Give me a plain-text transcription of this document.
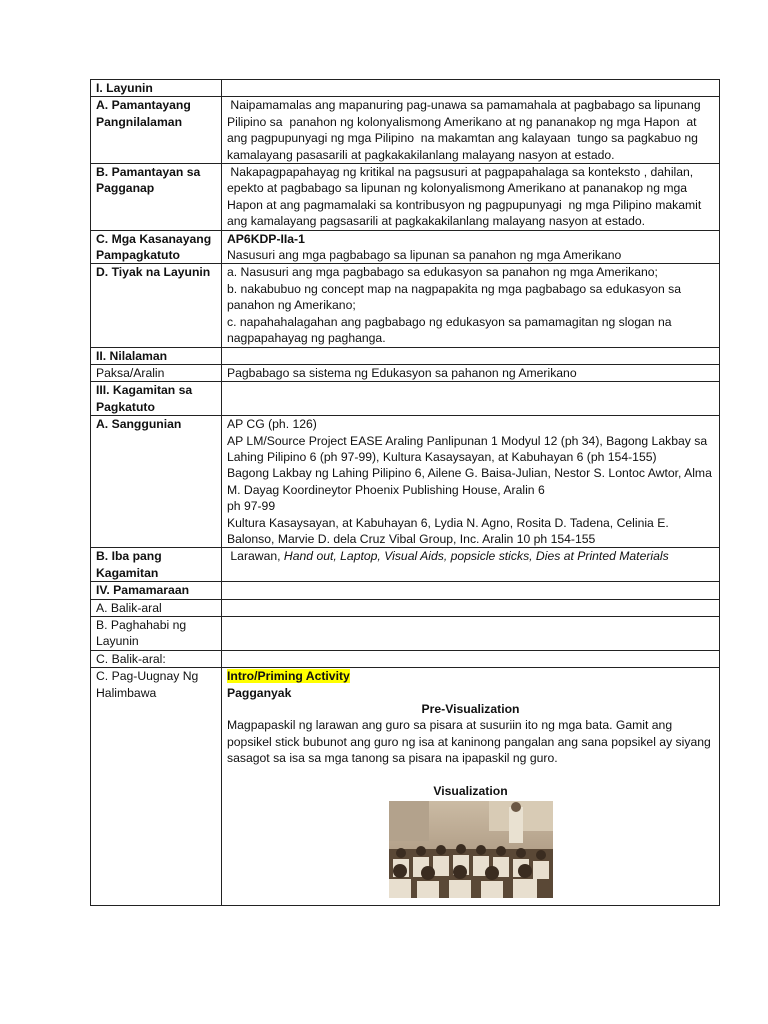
I. Layunin	
A. Pamantayang Pangnilalaman	Naipamamalas ang mapanuring pag-unawa sa pamamahala at pagbabago sa lipunang Pilipino sa  panahon ng kolonyalismong Amerikano at ng pananakop ng mga Hapon  at ang pagpupunyagi ng mga Pilipino  na makamtan ang kalayaan  tungo sa pagkabuo ng kamalayang pasasarili at pagkakakilanlang malayang nasyon at estado.
B. Pamantayan sa Pagganap	Nakapagpapahayag ng kritikal na pagsusuri at pagpapahalaga sa konteksto , dahilan, epekto at pagbabago sa lipunan ng kolonyalismong Amerikano at pananakop ng mga Hapon at ang pagmamalaki sa kontribusyon ng pagpupunyagi  ng mga Pilipino makamit ang kamalayang pagsasarili at pagkakakilanlang malayang nasyon at estado.
C. Mga Kasanayang Pampagkatuto	AP6KDP-IIa-1
Nasusuri ang mga pagbabago sa lipunan sa panahon ng mga Amerikano

D. Tiyak na Layunin	a. Nasusuri ang mga pagbabago sa edukasyon sa panahon ng mga Amerikano;
b. nakabubuo ng concept map na nagpapakita ng mga pagbabago sa edukasyon sa panahon ng Amerikano;
c. napahahalagahan ang pagbabago ng edukasyon sa pamamagitan ng slogan na nagpapahayag ng paghanga.

II. Nilalaman	
Paksa/Aralin	Pagbabago sa sistema ng Edukasyon sa pahanon ng Amerikano
III. Kagamitan sa Pagkatuto	
A. Sanggunian	AP CG (ph. 126)
AP LM/Source Project EASE Araling Panlipunan 1 Modyul 12 (ph 34), Bagong Lakbay sa Lahing Pilipino 6 (ph 97-99), Kultura Kasaysayan, at Kabuhayan 6 (ph 154-155)
Bagong Lakbay ng Lahing Pilipino 6, Ailene G. Baisa-Julian, Nestor S. Lontoc Awtor, Alma M. Dayag Koordineytor Phoenix Publishing House, Aralin 6
ph 97-99
Kultura Kasaysayan, at Kabuhayan 6, Lydia N. Agno, Rosita D. Tadena, Celinia E. Balonso, Marvie D. dela Cruz Vibal Group, Inc. Aralin 10 ph 154-155

B. Iba pang Kagamitan	Larawan, Hand out, Laptop, Visual Aids, popsicle sticks, Dies at Printed Materials
IV. Pamamaraan	
A. Balik-aral	
B. Paghahabi ng Layunin	
C. Balik-aral:	
C. Pag-Uugnay Ng Halimbawa	Intro/Priming Activity
Pagganyak
Pre-Visualization
Magpapaskil ng larawan ang guro sa pisara at susuriin ito ng mga bata. Gamit ang popsikel stick bubunot ang guro ng isa at kaninong pangalan ang sana popsikel ay siyang sasagot sa isa sa mga tanong sa pisara na ipapaskil ng guro.
Visualization
